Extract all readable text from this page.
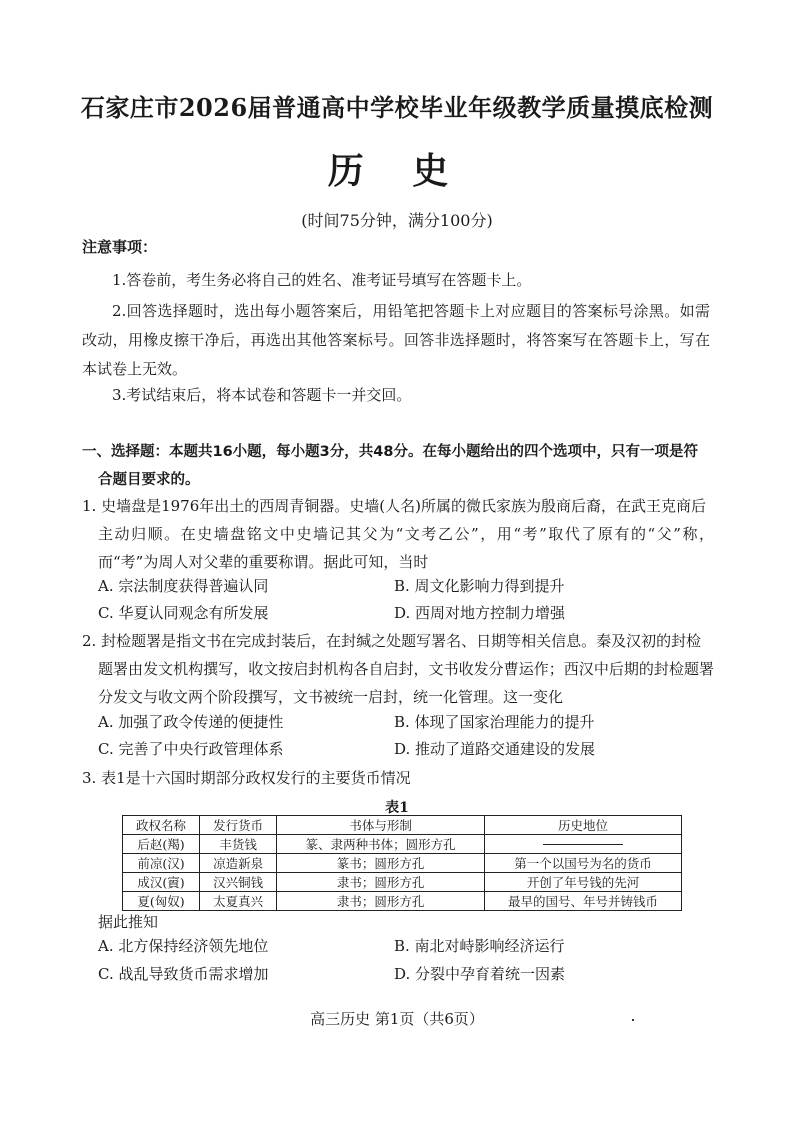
石家庄市2026届普通高中学校毕业年级教学质量摸底检测
历 史
(时间75分钟，满分100分)
注意事项：
1.答卷前，考生务必将自己的姓名、准考证号填写在答题卡上。
2.回答选择题时，选出每小题答案后，用铅笔把答题卡上对应题目的答案标号涂黑。如需改动，用橡皮擦干净后，再选出其他答案标号。回答非选择题时，将答案写在答题卡上，写在本试卷上无效。
3.考试结束后，将本试卷和答题卡一并交回。
一、选择题：本题共16小题，每小题3分，共48分。在每小题给出的四个选项中，只有一项是符
合题目要求的。
1. 史墙盘是1976年出土的西周青铜器。史墙(人名)所属的微氏家族为殷商后裔，在武王克商后
主动归顺。在史墙盘铭文中史墙记其父为“文考乙公”，用“考”取代了原有的“父”称，而“考”为周人对父辈的重要称谓。据此可知，当时
A. 宗法制度获得普遍认同	B. 周文化影响力得到提升
C. 华夏认同观念有所发展	D. 西周对地方控制力增强
2. 封检题署是指文书在完成封装后，在封缄之处题写署名、日期等相关信息。秦及汉初的封检
题署由发文机构撰写，收文按启封机构各自启封，文书收发分曹运作；西汉中后期的封检题署分发文与收文两个阶段撰写，文书被统一启封，统一化管理。这一变化
A. 加强了政令传递的便捷性	B. 体现了国家治理能力的提升
C. 完善了中央行政管理体系	D. 推动了道路交通建设的发展
3. 表1是十六国时期部分政权发行的主要货币情况
表1
政权名称	发行货币	书体与形制	历史地位
后赵(羯)	丰货钱	篆、隶两种书体；圆形方孔	
前凉(汉)	凉造新泉	篆书；圆形方孔	第一个以国号为名的货币
成汉(賨)	汉兴铜钱	隶书；圆形方孔	开创了年号钱的先河
夏(匈奴)	太夏真兴	隶书；圆形方孔	最早的国号、年号并铸钱币
据此推知
A. 北方保持经济领先地位	B. 南北对峙影响经济运行
C. 战乱导致货币需求增加	D. 分裂中孕育着统一因素
高三历史 第1页（共6页）
